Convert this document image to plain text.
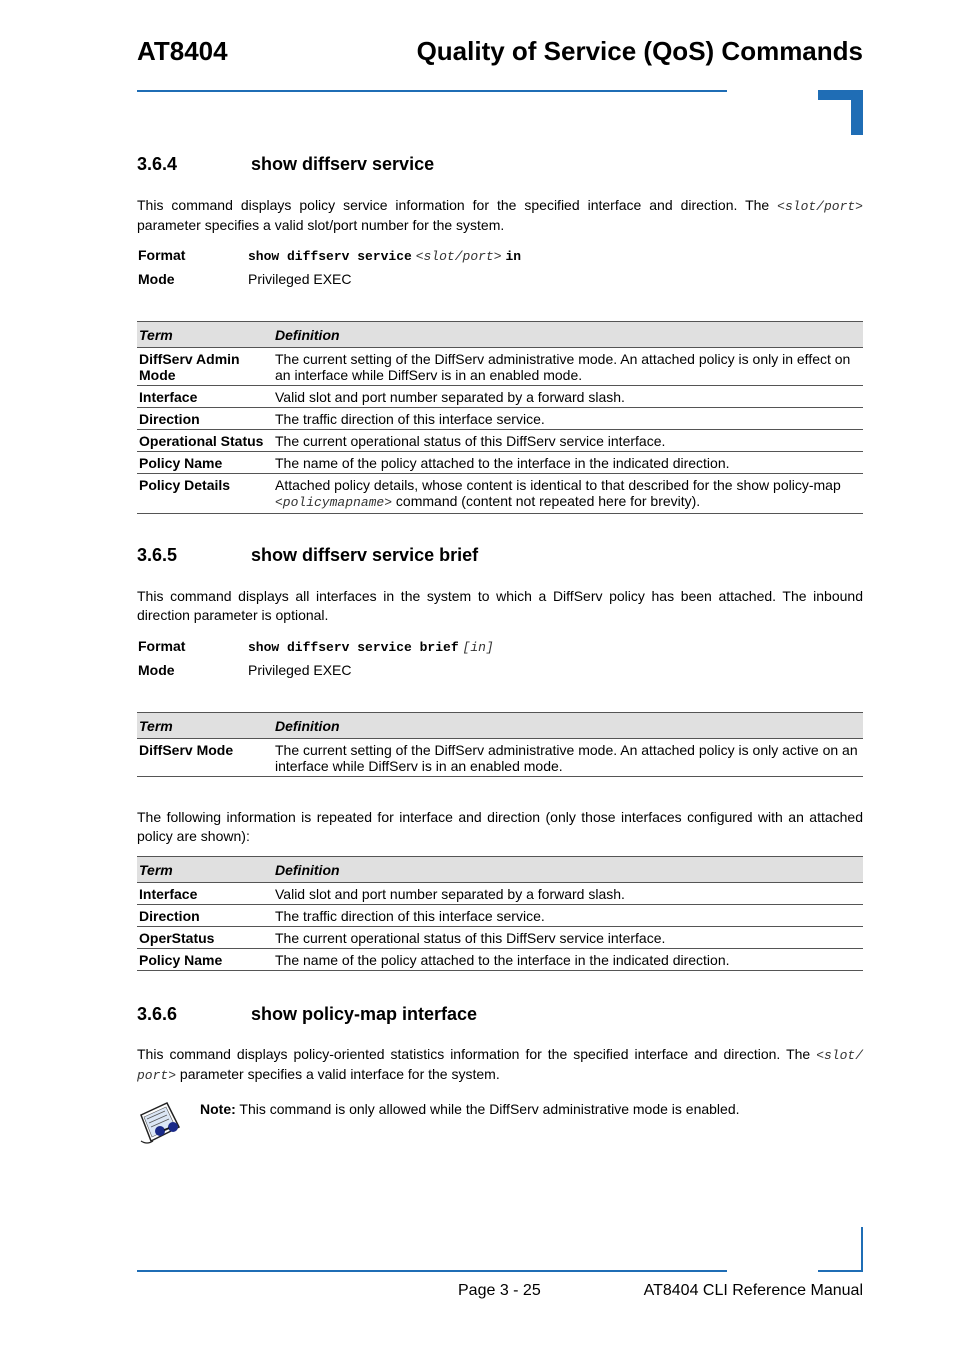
AT8404	Quality of Service (QoS) Commands
3.6.4	show diffserv service
This command displays policy service information for the specified interface and direction. The <slot/port> parameter specifies a valid slot/port number for the system.
Format	show diffserv service <slot/port> in
Mode	Privileged EXEC
Term	Definition
DiffServ Admin Mode	The current setting of the DiffServ administrative mode. An attached policy is only in effect on an interface while DiffServ is in an enabled mode.
Interface	Valid slot and port number separated by a forward slash.
Direction	The traffic direction of this interface service.
Operational Status	The current operational status of this DiffServ service interface.
Policy Name	The name of the policy attached to the interface in the indicated direction.
Policy Details	Attached policy details, whose content is identical to that described for the show policy-map <policymapname> command (content not repeated here for brevity).
3.6.5	show diffserv service brief
This command displays all interfaces in the system to which a DiffServ policy has been attached. The inbound direction parameter is optional.
Format	show diffserv service brief [in]
Mode	Privileged EXEC
Term	Definition
DiffServ Mode	The current setting of the DiffServ administrative mode. An attached policy is only active on an interface while DiffServ is in an enabled mode.
The following information is repeated for interface and direction (only those interfaces configured with an attached policy are shown):
Term	Definition
Interface	Valid slot and port number separated by a forward slash.
Direction	The traffic direction of this interface service.
OperStatus	The current operational status of this DiffServ service interface.
Policy Name	The name of the policy attached to the interface in the indicated direction.
3.6.6	show policy-map interface
This command displays policy-oriented statistics information for the specified interface and direction. The <slot/ port> parameter specifies a valid interface for the system.
Note: This command is only allowed while the DiffServ administrative mode is enabled.
Page 3 - 25	AT8404 CLI Reference Manual
